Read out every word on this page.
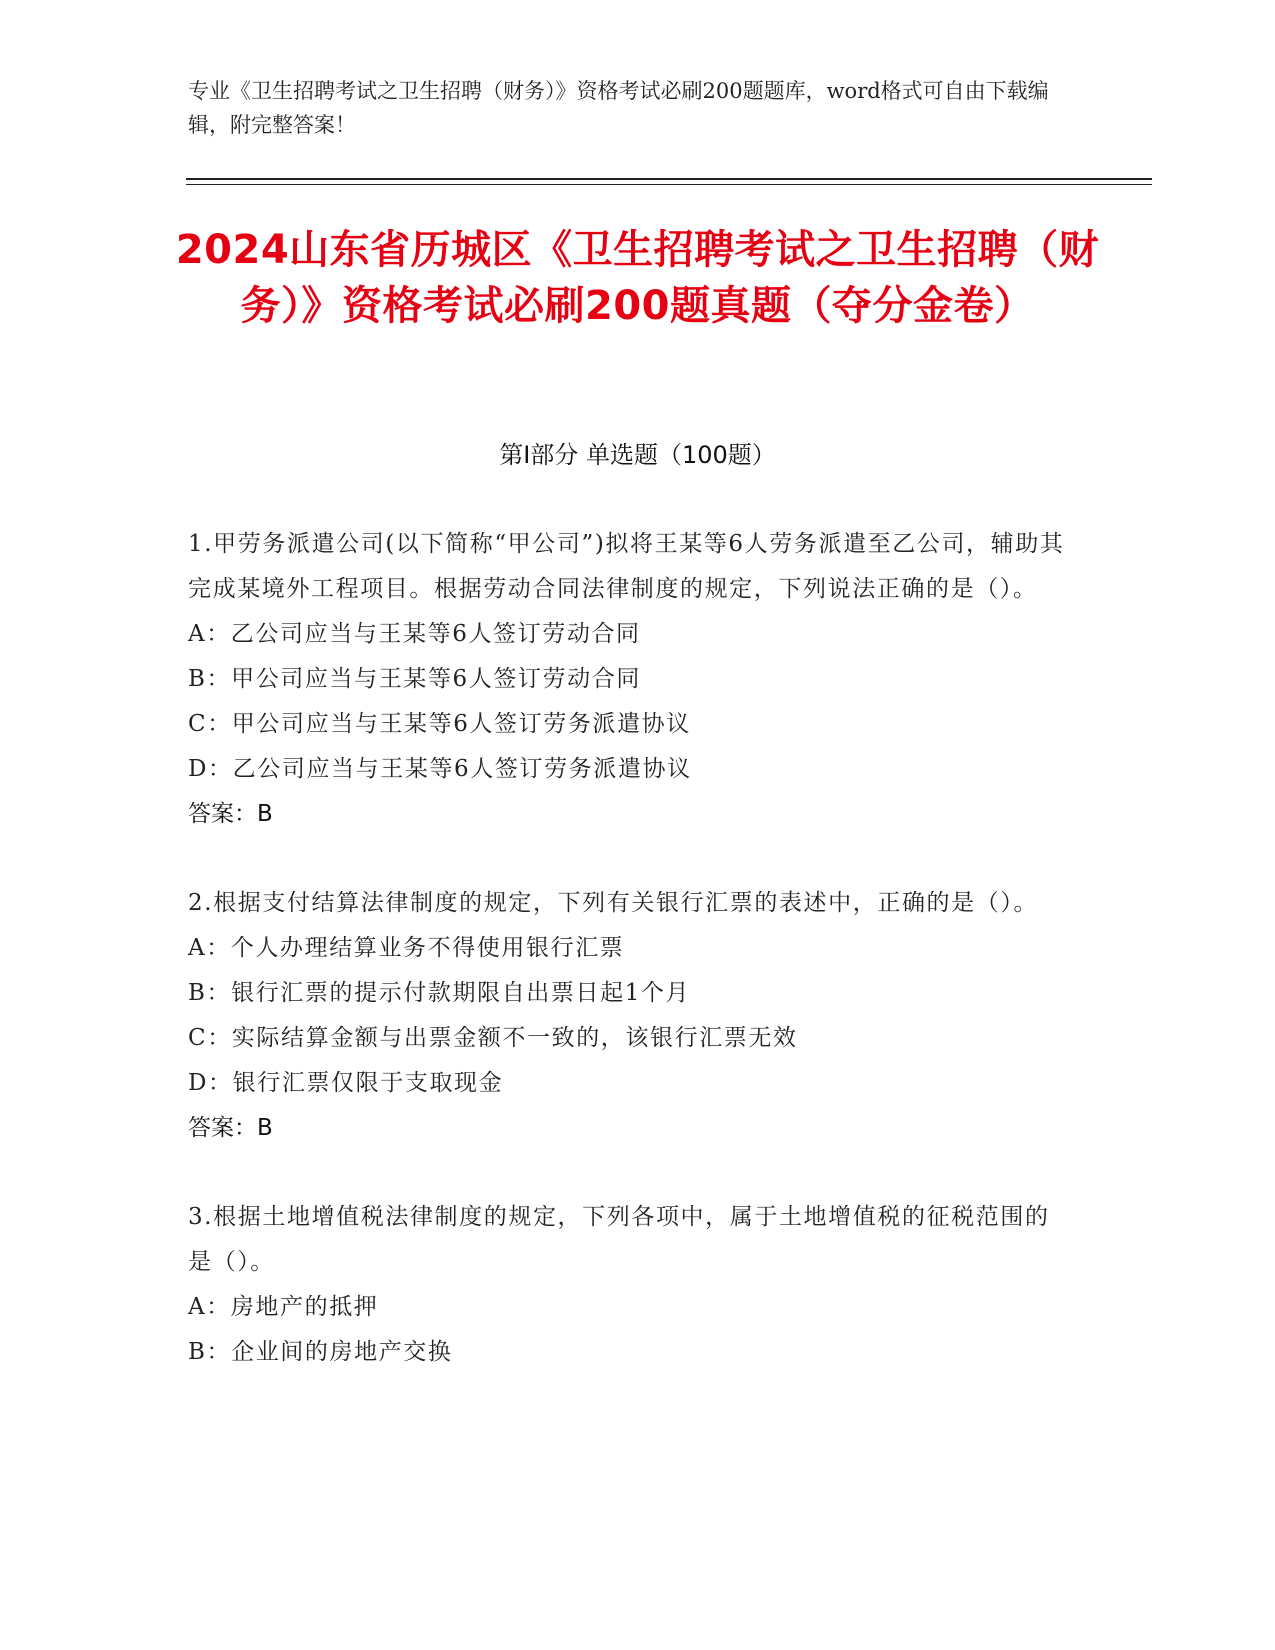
专业《卫生招聘考试之卫生招聘（财务）》资格考试必刷200题题库，word格式可自由下载编辑，附完整答案！
2024山东省历城区《卫生招聘考试之卫生招聘（财务）》资格考试必刷200题真题（夺分金卷）
第Ⅰ部分 单选题（100题）
1.甲劳务派遣公司(以下简称“甲公司”)拟将王某等6人劳务派遣至乙公司，辅助其完成某境外工程项目。根据劳动合同法律制度的规定，下列说法正确的是（）。
A：乙公司应当与王某等6人签订劳动合同
B：甲公司应当与王某等6人签订劳动合同
C：甲公司应当与王某等6人签订劳务派遣协议
D：乙公司应当与王某等6人签订劳务派遣协议
答案：B
2.根据支付结算法律制度的规定，下列有关银行汇票的表述中，正确的是（）。
A：个人办理结算业务不得使用银行汇票
B：银行汇票的提示付款期限自出票日起1个月
C：实际结算金额与出票金额不一致的，该银行汇票无效
D：银行汇票仅限于支取现金
答案：B
3.根据土地增值税法律制度的规定，下列各项中，属于土地增值税的征税范围的是（）。
A：房地产的抵押
B：企业间的房地产交换
